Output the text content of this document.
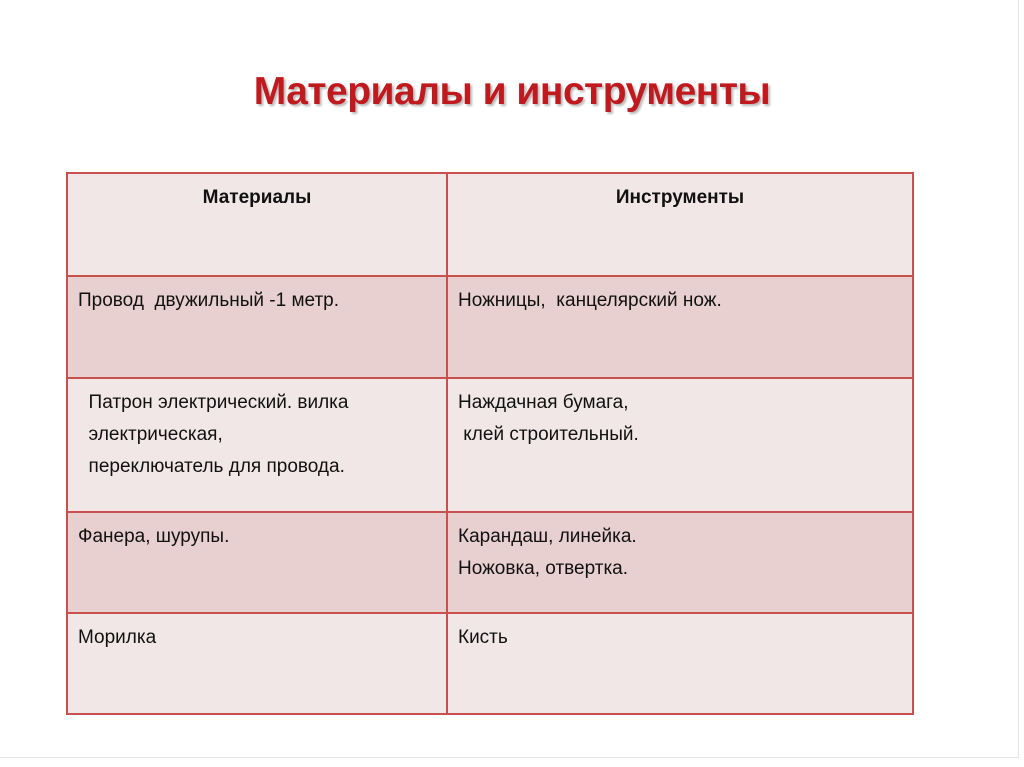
Материалы и инструменты
Материалы	Инструменты

Провод  двужильный -1 метр.	Ножницы,  канцелярский нож.

Патрон электрический. вилка
электрическая,
переключатель для провода.	Наждачная бумага,
клей строительный.

Фанера, шурупы.	Карандаш, линейка.
Ножовка, отвертка.

Морилка	Кисть
